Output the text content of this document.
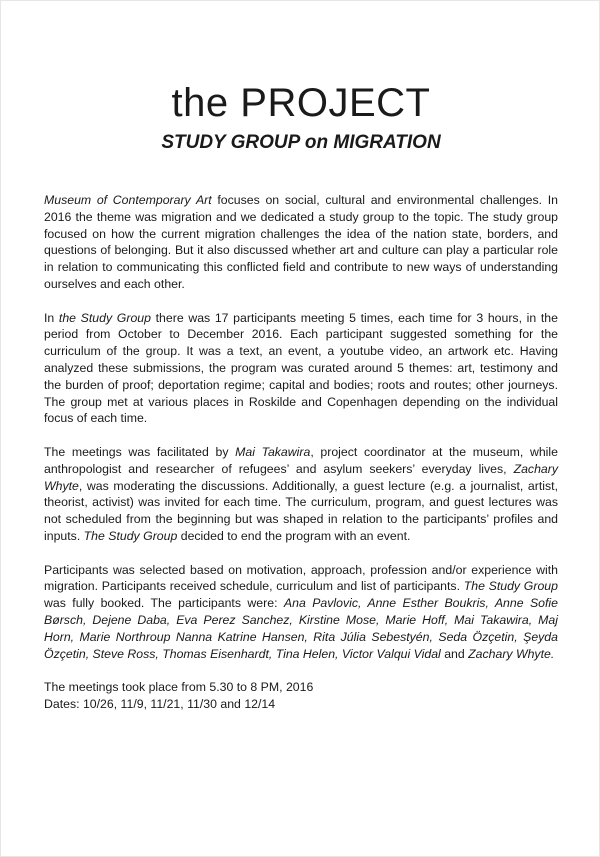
the PROJECT
STUDY GROUP on MIGRATION

Museum of Contemporary Art focuses on social, cultural and environmental challenges. In 2016 the theme was migration and we dedicated a study group to the topic. The study group focused on how the current migration challenges the idea of the nation state, borders, and questions of belonging. But it also discussed whether art and culture can play a particular role in relation to communicating this conflicted field and contribute to new ways of understanding ourselves and each other.

In the Study Group there was 17 participants meeting 5 times, each time for 3 hours, in the period from October to December 2016. Each participant suggested something for the curriculum of the group. It was a text, an event, a youtube video, an artwork etc. Having analyzed these submissions, the program was curated around 5 themes: art, testimony and the burden of proof; deportation regime; capital and bodies; roots and routes; other journeys. The group met at various places in Roskilde and Copenhagen depending on the individual focus of each time.

The meetings was facilitated by Mai Takawira, project coordinator at the museum, while anthropologist and researcher of refugees’ and asylum seekers’ everyday lives, Zachary Whyte, was moderating the discussions. Additionally, a guest lecture (e.g. a journalist, artist, theorist, activist) was invited for each time. The curriculum, program, and guest lectures was not scheduled from the beginning but was shaped in relation to the participants’ profiles and inputs. The Study Group decided to end the program with an event.

Participants was selected based on motivation, approach, profession and/or experience with migration. Participants received schedule, curriculum and list of participants. The Study Group was fully booked. The participants were: Ana Pavlovic, Anne Esther Boukris, Anne Sofie Børsch, Dejene Daba, Eva Perez Sanchez, Kirstine Mose, Marie Hoff, Mai Takawira, Maj Horn, Marie Northroup Nanna Katrine Hansen, Rita Júlia Sebestyén, Seda Özçetin, Şeyda Özçetin, Steve Ross, Thomas Eisenhardt, Tina Helen, Victor Valqui Vidal and Zachary Whyte.

The meetings took place from 5.30 to 8 PM, 2016
Dates: 10/26, 11/9, 11/21, 11/30 and 12/14
